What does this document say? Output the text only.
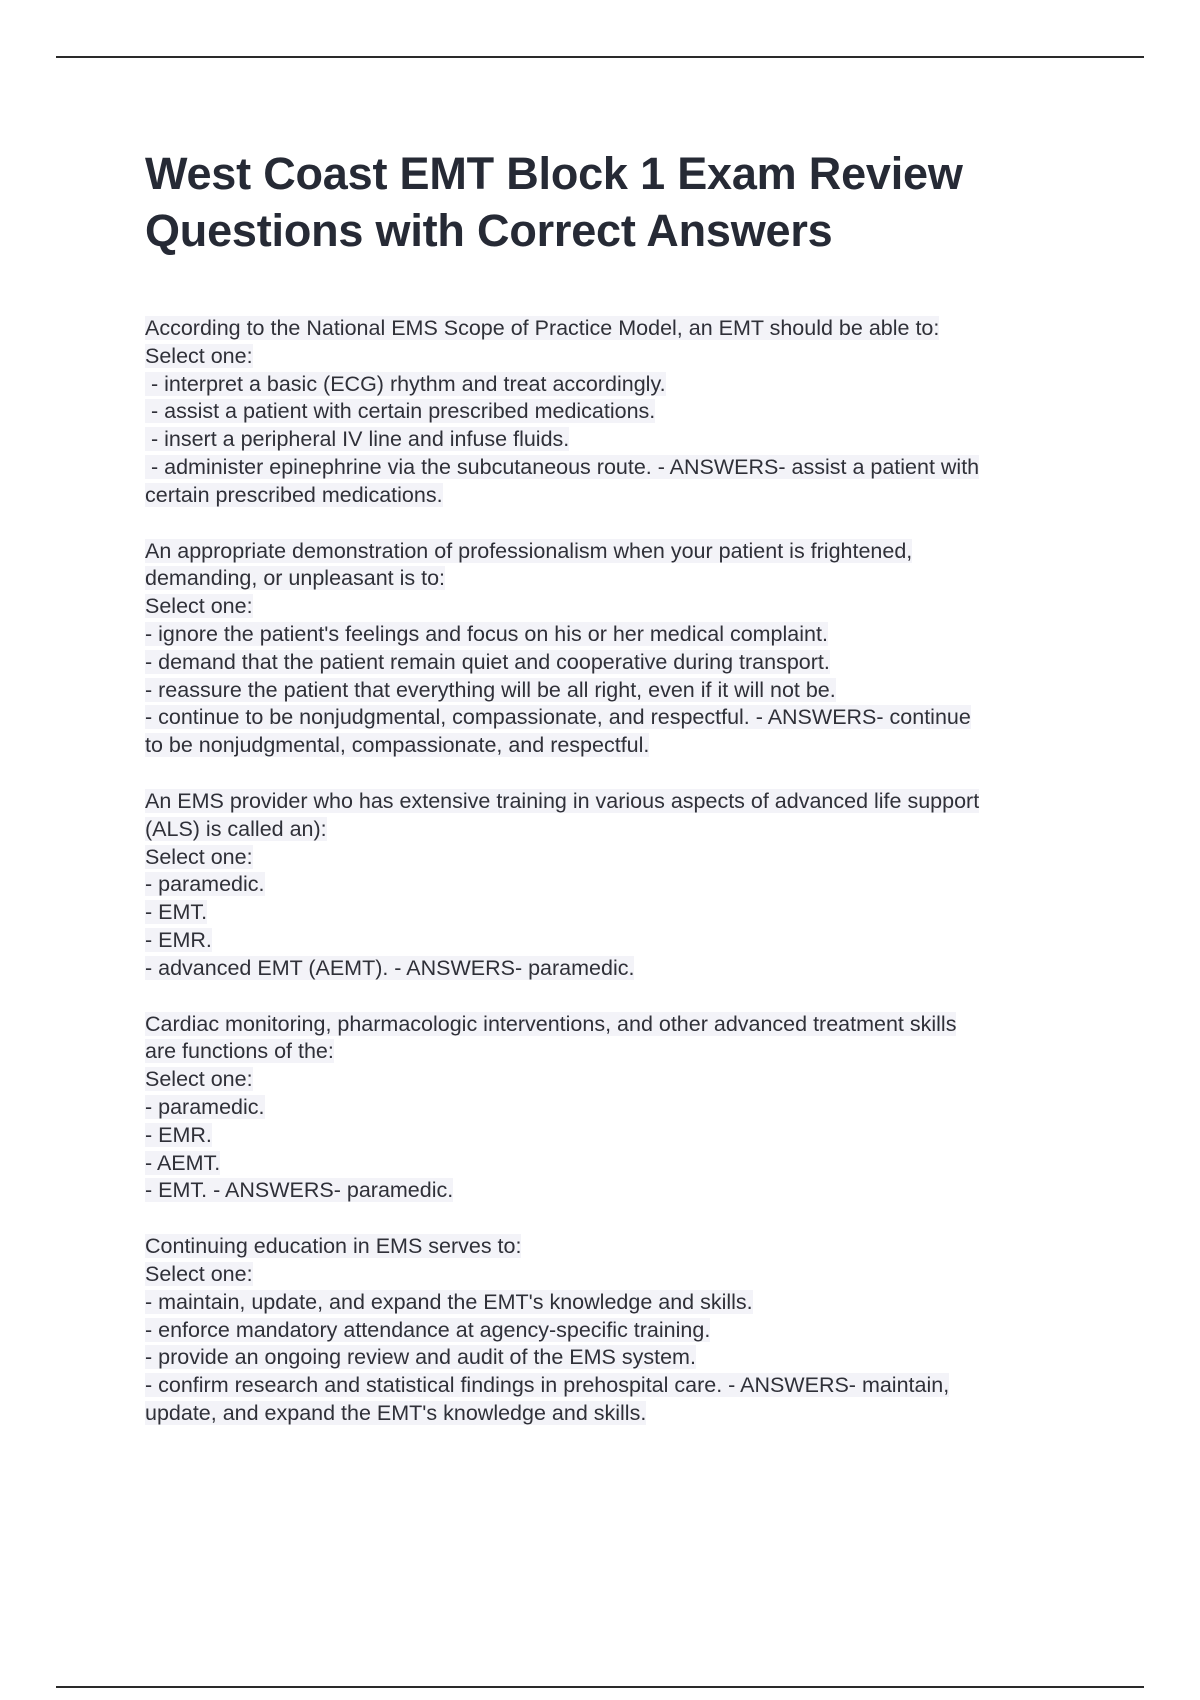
West Coast EMT Block 1 Exam Review Questions with Correct Answers
According to the National EMS Scope of Practice Model, an EMT should be able to:
Select one:
- interpret a basic (ECG) rhythm and treat accordingly.
- assist a patient with certain prescribed medications.
- insert a peripheral IV line and infuse fluids.
- administer epinephrine via the subcutaneous route. - ANSWERS- assist a patient with
certain prescribed medications.
An appropriate demonstration of professionalism when your patient is frightened,
demanding, or unpleasant is to:
Select one:
- ignore the patient's feelings and focus on his or her medical complaint.
- demand that the patient remain quiet and cooperative during transport.
- reassure the patient that everything will be all right, even if it will not be.
- continue to be nonjudgmental, compassionate, and respectful. - ANSWERS- continue
to be nonjudgmental, compassionate, and respectful.
An EMS provider who has extensive training in various aspects of advanced life support
(ALS) is called an):
Select one:
- paramedic.
- EMT.
- EMR.
- advanced EMT (AEMT). - ANSWERS- paramedic.
Cardiac monitoring, pharmacologic interventions, and other advanced treatment skills
are functions of the:
Select one:
- paramedic.
- EMR.
- AEMT.
- EMT. - ANSWERS- paramedic.
Continuing education in EMS serves to:
Select one:
- maintain, update, and expand the EMT's knowledge and skills.
- enforce mandatory attendance at agency-specific training.
- provide an ongoing review and audit of the EMS system.
- confirm research and statistical findings in prehospital care. - ANSWERS- maintain,
update, and expand the EMT's knowledge and skills.
